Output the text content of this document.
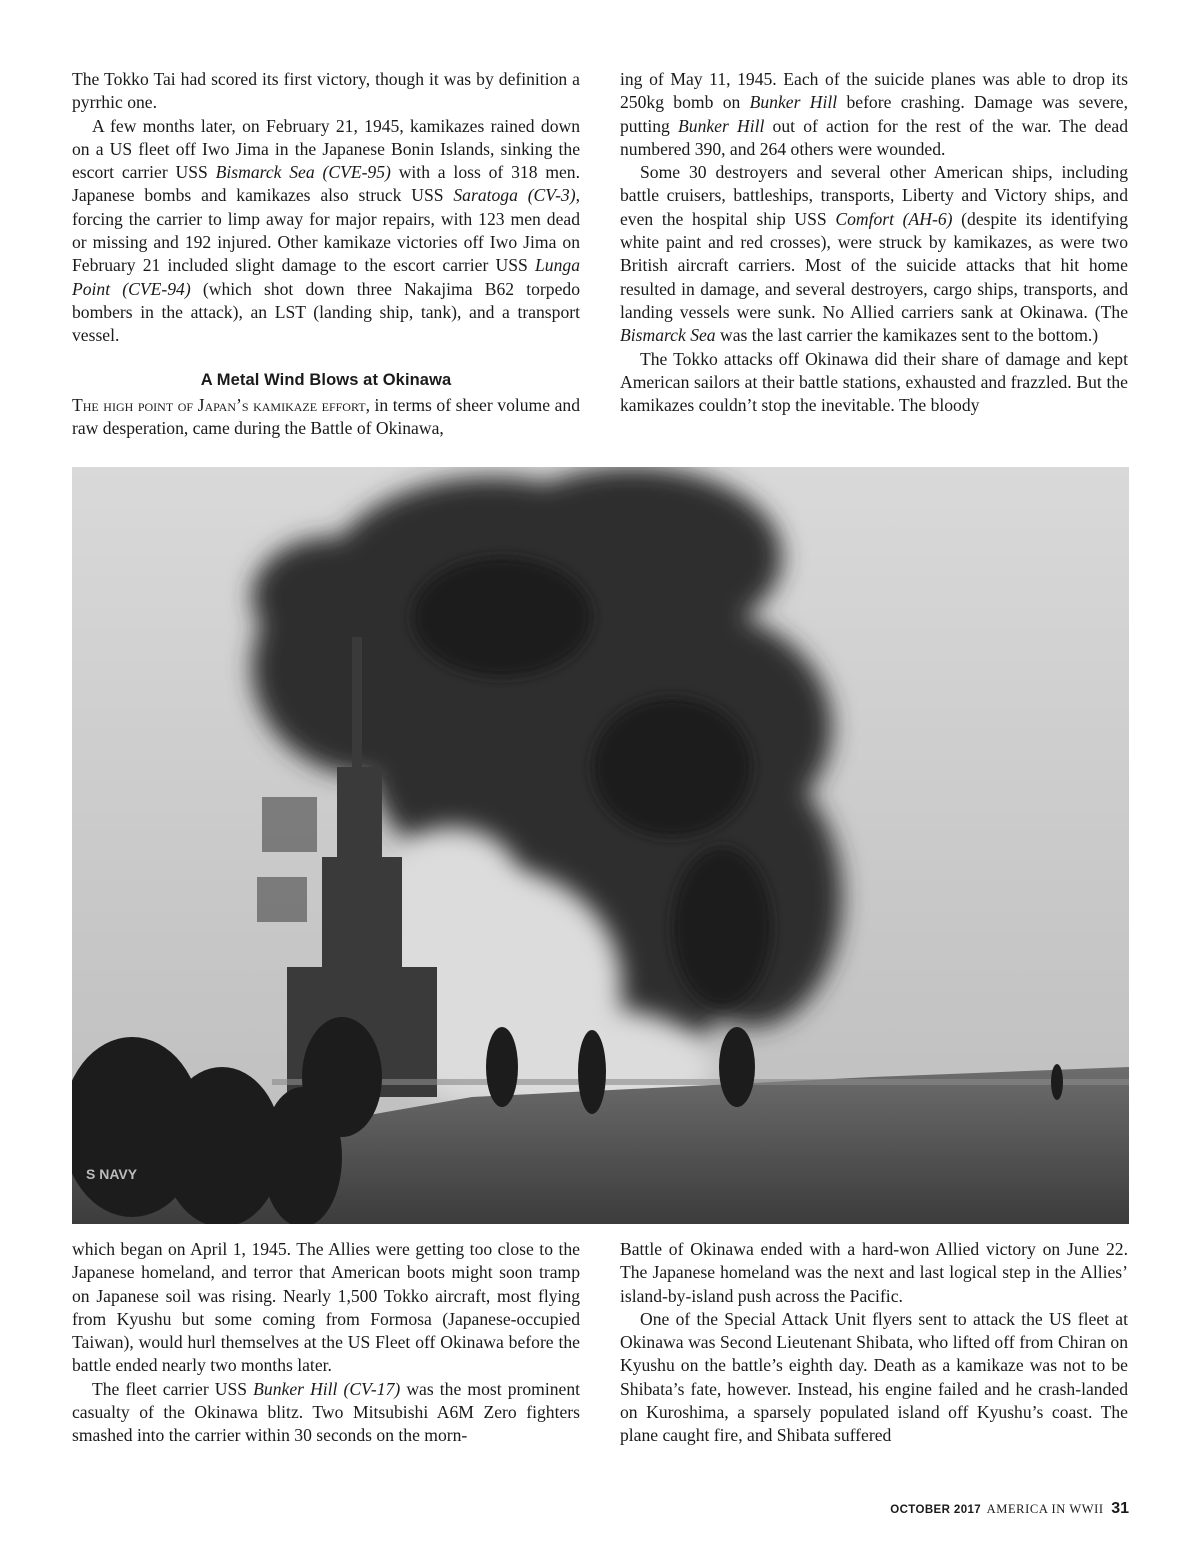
The Tokko Tai had scored its first victory, though it was by definition a pyrrhic one.

A few months later, on February 21, 1945, kamikazes rained down on a US fleet off Iwo Jima in the Japanese Bonin Islands, sinking the escort carrier USS Bismarck Sea (CVE-95) with a loss of 318 men. Japanese bombs and kamikazes also struck USS Saratoga (CV-3), forcing the carrier to limp away for major repairs, with 123 men dead or missing and 192 injured. Other kamikaze victories off Iwo Jima on February 21 included slight damage to the escort carrier USS Lunga Point (CVE-94) (which shot down three Nakajima B62 torpedo bombers in the attack), an LST (landing ship, tank), and a transport vessel.

A Metal Wind Blows at Okinawa

The high point of Japan’s kamikaze effort, in terms of sheer volume and raw desperation, came during the Battle of Okinawa,

ing of May 11, 1945. Each of the suicide planes was able to drop its 250kg bomb on Bunker Hill before crashing. Damage was severe, putting Bunker Hill out of action for the rest of the war. The dead numbered 390, and 264 others were wounded.

Some 30 destroyers and several other American ships, including battle cruisers, battleships, transports, Liberty and Victory ships, and even the hospital ship USS Comfort (AH-6) (despite its identifying white paint and red crosses), were struck by kamikazes, as were two British aircraft carriers. Most of the suicide attacks that hit home resulted in damage, and several destroyers, cargo ships, transports, and landing vessels were sunk. No Allied carriers sank at Okinawa. (The Bismarck Sea was the last carrier the kamikazes sent to the bottom.)

The Tokko attacks off Okinawa did their share of damage and kept American sailors at their battle stations, exhausted and frazzled. But the kamikazes couldn’t stop the inevitable. The bloody

S NAVY

which began on April 1, 1945. The Allies were getting too close to the Japanese homeland, and terror that American boots might soon tramp on Japanese soil was rising. Nearly 1,500 Tokko aircraft, most flying from Kyushu but some coming from Formosa (Japanese-occupied Taiwan), would hurl themselves at the US Fleet off Okinawa before the battle ended nearly two months later.

The fleet carrier USS Bunker Hill (CV-17) was the most prominent casualty of the Okinawa blitz. Two Mitsubishi A6M Zero fighters smashed into the carrier within 30 seconds on the morn-

Battle of Okinawa ended with a hard-won Allied victory on June 22. The Japanese homeland was the next and last logical step in the Allies’ island-by-island push across the Pacific.

One of the Special Attack Unit flyers sent to attack the US fleet at Okinawa was Second Lieutenant Shibata, who lifted off from Chiran on Kyushu on the battle’s eighth day. Death as a kamikaze was not to be Shibata’s fate, however. Instead, his engine failed and he crash-landed on Kuroshima, a sparsely populated island off Kyushu’s coast. The plane caught fire, and Shibata suffered

OCTOBER 2017 AMERICA IN WWII 31
